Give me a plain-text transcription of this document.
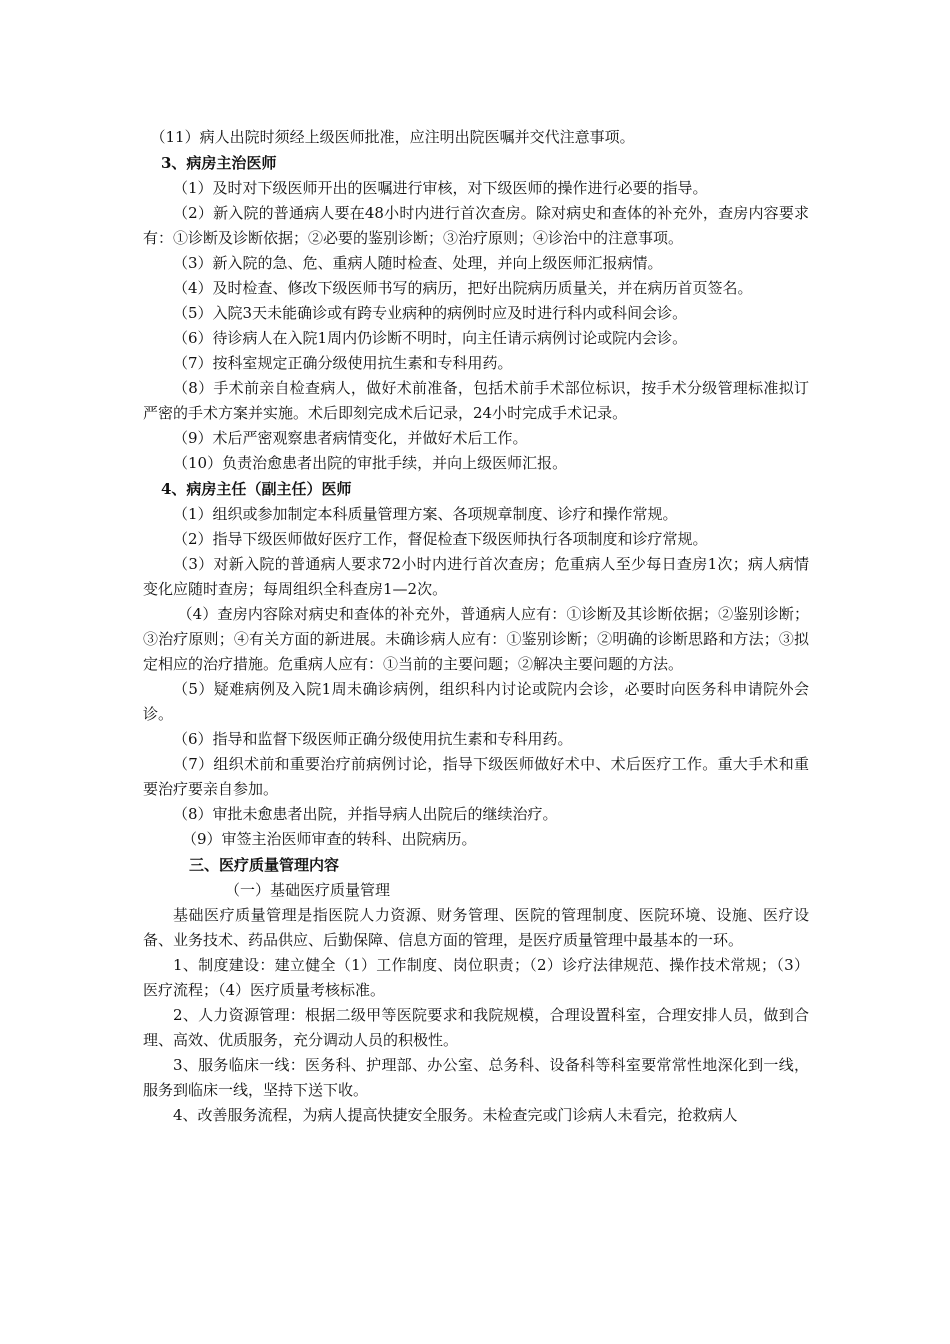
（11）病人出院时须经上级医师批准，应注明出院医嘱并交代注意事项。

3、病房主治医师

（1）及时对下级医师开出的医嘱进行审核，对下级医师的操作进行必要的指导。

（2）新入院的普通病人要在48小时内进行首次查房。除对病史和查体的补充外，查房内容要求有：①诊断及诊断依据；②必要的鉴别诊断；③治疗原则；④诊治中的注意事项。

（3）新入院的急、危、重病人随时检查、处理，并向上级医师汇报病情。

（4）及时检查、修改下级医师书写的病历，把好出院病历质量关，并在病历首页签名。

（5）入院3天未能确诊或有跨专业病种的病例时应及时进行科内或科间会诊。

（6）待诊病人在入院1周内仍诊断不明时，向主任请示病例讨论或院内会诊。

（7）按科室规定正确分级使用抗生素和专科用药。

（8）手术前亲自检查病人，做好术前准备，包括术前手术部位标识，按手术分级管理标准拟订严密的手术方案并实施。术后即刻完成术后记录，24小时完成手术记录。

（9）术后严密观察患者病情变化，并做好术后工作。

（10）负责治愈患者出院的审批手续，并向上级医师汇报。

4、病房主任（副主任）医师

（1）组织或参加制定本科质量管理方案、各项规章制度、诊疗和操作常规。

（2）指导下级医师做好医疗工作，督促检查下级医师执行各项制度和诊疗常规。

（3）对新入院的普通病人要求72小时内进行首次查房；危重病人至少每日查房1次；病人病情变化应随时查房；每周组织全科查房1—2次。

（4）查房内容除对病史和查体的补充外，普通病人应有：①诊断及其诊断依据；②鉴别诊断；③治疗原则；④有关方面的新进展。未确诊病人应有：①鉴别诊断；②明确的诊断思路和方法；③拟定相应的治疗措施。危重病人应有：①当前的主要问题；②解决主要问题的方法。

（5）疑难病例及入院1周未确诊病例，组织科内讨论或院内会诊，必要时向医务科申请院外会诊。

（6）指导和监督下级医师正确分级使用抗生素和专科用药。

（7）组织术前和重要治疗前病例讨论，指导下级医师做好术中、术后医疗工作。重大手术和重要治疗要亲自参加。

（8）审批未愈患者出院，并指导病人出院后的继续治疗。

（9）审签主治医师审查的转科、出院病历。

三、医疗质量管理内容

（一）基础医疗质量管理

基础医疗质量管理是指医院人力资源、财务管理、医院的管理制度、医院环境、设施、医疗设备、业务技术、药品供应、后勤保障、信息方面的管理，是医疗质量管理中最基本的一环。

1、制度建设：建立健全（1）工作制度、岗位职责；（2）诊疗法律规范、操作技术常规；（3）医疗流程；（4）医疗质量考核标准。

2、人力资源管理：根据二级甲等医院要求和我院规模，合理设置科室，合理安排人员，做到合理、高效、优质服务，充分调动人员的积极性。

3、服务临床一线：医务科、护理部、办公室、总务科、设备科等科室要常常性地深化到一线，服务到临床一线，坚持下送下收。

4、改善服务流程，为病人提高快捷安全服务。未检查完或门诊病人未看完，抢救病人
